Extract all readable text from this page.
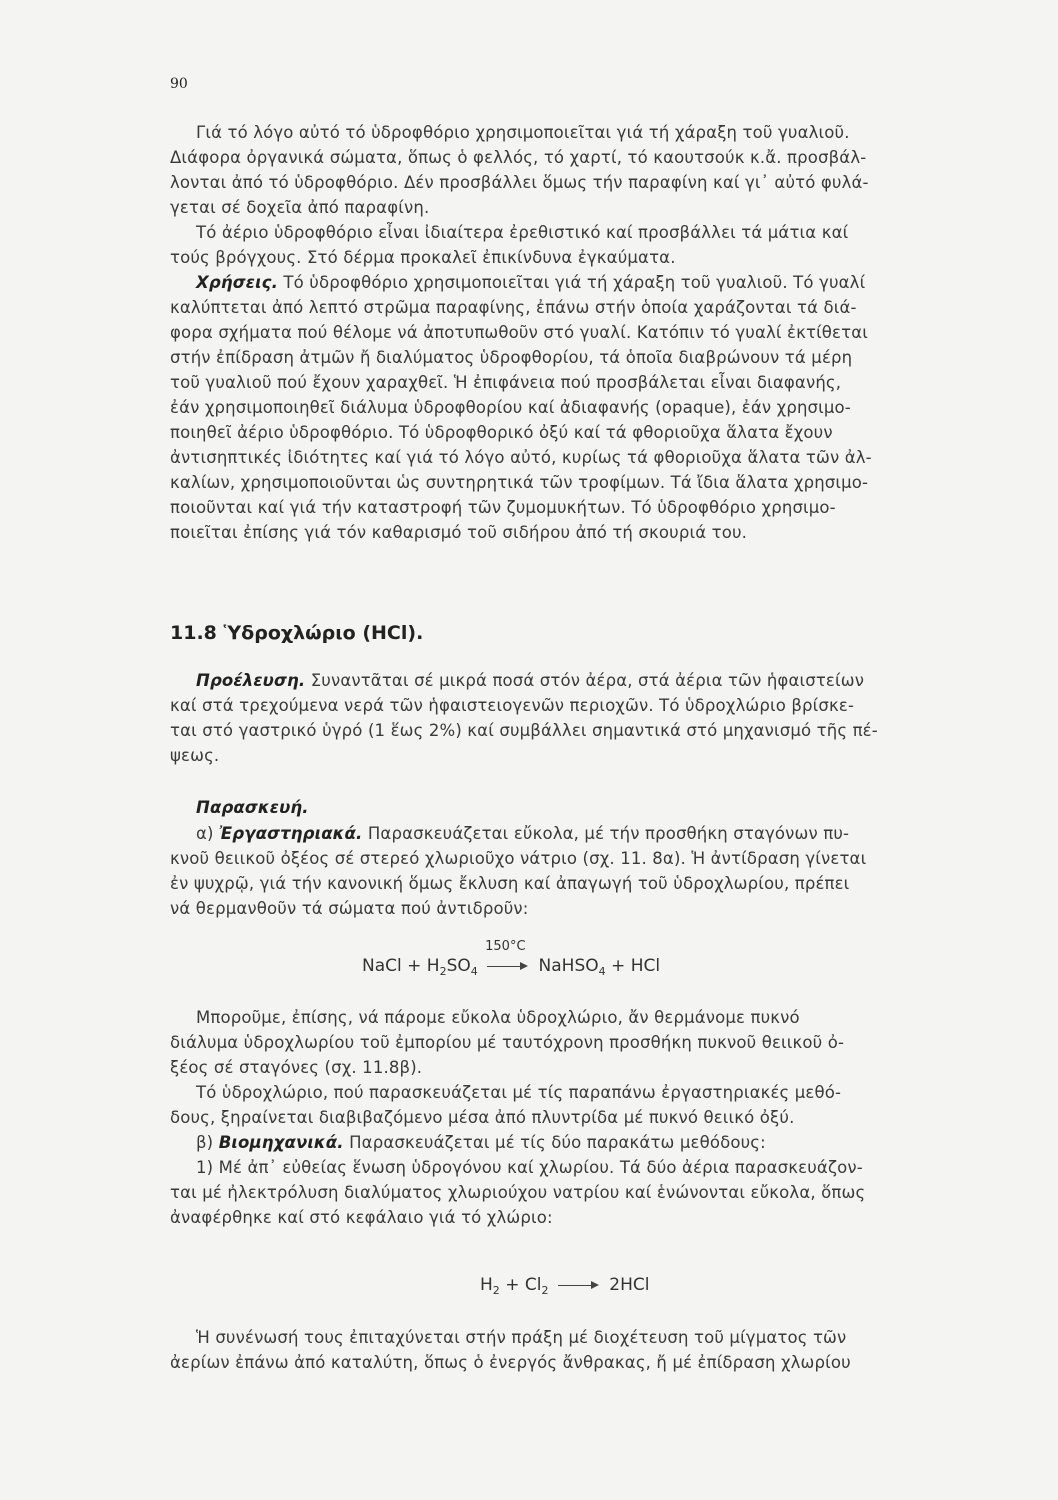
90
Γιά τό λόγο αὐτό τό ὑδροφθόριο χρησιμοποιεῖται γιά τή χάραξη τοῦ γυαλιοῦ.
Διάφορα ὀργανικά σώματα, ὅπως ὁ φελλός, τό χαρτί, τό καουτσούκ κ.ἄ. προσβάλ-
λονται ἀπό τό ὑδροφθόριο. Δέν προσβάλλει ὅμως τήν παραφίνη καί γι᾽ αὐτό φυλά-
γεται σέ δοχεῖα ἀπό παραφίνη.
Τό ἀέριο ὑδροφθόριο εἶναι ἰδιαίτερα ἐρεθιστικό καί προσβάλλει τά μάτια καί
τούς βρόγχους. Στό δέρμα προκαλεῖ ἐπικίνδυνα ἐγκαύματα.
Χρήσεις. Τό ὑδροφθόριο χρησιμοποιεῖται γιά τή χάραξη τοῦ γυαλιοῦ. Τό γυαλί
καλύπτεται ἀπό λεπτό στρῶμα παραφίνης, ἐπάνω στήν ὁποία χαράζονται τά διά-
φορα σχήματα πού θέλομε νά ἀποτυπωθοῦν στό γυαλί. Κατόπιν τό γυαλί ἐκτίθεται
στήν ἐπίδραση ἀτμῶν ἤ διαλύματος ὑδροφθορίου, τά ὁποῖα διαβρώνουν τά μέρη
τοῦ γυαλιοῦ πού ἔχουν χαραχθεῖ. Ἡ ἐπιφάνεια πού προσβάλεται εἶναι διαφανής,
ἐάν χρησιμοποιηθεῖ διάλυμα ὑδροφθορίου καί ἀδιαφανής (opaque), ἐάν χρησιμο-
ποιηθεῖ ἀέριο ὑδροφθόριο. Τό ὑδροφθορικό ὀξύ καί τά φθοριοῦχα ἅλατα ἔχουν
ἀντισηπτικές ἰδιότητες καί γιά τό λόγο αὐτό, κυρίως τά φθοριοῦχα ἅλατα τῶν ἀλ-
καλίων, χρησιμοποιοῦνται ὡς συντηρητικά τῶν τροφίμων. Τά ἴδια ἅλατα χρησιμο-
ποιοῦνται καί γιά τήν καταστροφή τῶν ζυμομυκήτων. Τό ὑδροφθόριο χρησιμο-
ποιεῖται ἐπίσης γιά τόν καθαρισμό τοῦ σιδήρου ἀπό τή σκουριά του.
11.8 Ὑδροχλώριο (HCl).
Προέλευση. Συναντᾶται σέ μικρά ποσά στόν ἀέρα, στά ἀέρια τῶν ἡφαιστείων
καί στά τρεχούμενα νερά τῶν ἡφαιστειογενῶν περιοχῶν. Τό ὑδροχλώριο βρίσκε-
ται στό γαστρικό ὑγρό (1 ἕως 2%) καί συμβάλλει σημαντικά στό μηχανισμό τῆς πέ-
ψεως.
Παρασκευή.
α) Ἐργαστηριακά. Παρασκευάζεται εὔκολα, μέ τήν προσθήκη σταγόνων πυ-
κνοῦ θειικοῦ ὀξέος σέ στερεό χλωριοῦχο νάτριο (σχ. 11. 8α). Ἡ ἀντίδραση γίνεται
ἐν ψυχρῷ, γιά τήν κανονική ὅμως ἔκλυση καί ἀπαγωγή τοῦ ὑδροχλωρίου, πρέπει
νά θερμανθοῦν τά σώματα πού ἀντιδροῦν:
NaCl + $H_2SO_4$
150°C
NaHSO$_4$ + HCl
Μποροῦμε, ἐπίσης, νά πάρομε εὔκολα ὑδροχλώριο, ἄν θερμάνομε πυκνό
διάλυμα ὑδροχλωρίου τοῦ ἐμπορίου μέ ταυτόχρονη προσθήκη πυκνοῦ θειικοῦ ὀ-
ξέος σέ σταγόνες (σχ. 11.8β).
Τό ὑδροχλώριο, πού παρασκευάζεται μέ τίς παραπάνω ἐργαστηριακές μεθό-
δους, ξηραίνεται διαβιβαζόμενο μέσα ἀπό πλυντρίδα μέ πυκνό θειικό ὀξύ.
β) Βιομηχανικά. Παρασκευάζεται μέ τίς δύο παρακάτω μεθόδους:
1) Μέ ἀπ᾽ εὐθείας ἕνωση ὑδρογόνου καί χλωρίου. Τά δύο ἀέρια παρασκευάζον-
ται μέ ἠλεκτρόλυση διαλύματος χλωριούχου νατρίου καί ἑνώνονται εὔκολα, ὅπως
ἀναφέρθηκε καί στό κεφάλαιο γιά τό χλώριο:
$H_2 + Cl_2$	2HCl
Ἡ συνένωσή τους ἐπιταχύνεται στήν πράξη μέ διοχέτευση τοῦ μίγματος τῶν
ἀερίων ἐπάνω ἀπό καταλύτη, ὅπως ὁ ἐνεργός ἄνθρακας, ἤ μέ ἐπίδραση χλωρίου
